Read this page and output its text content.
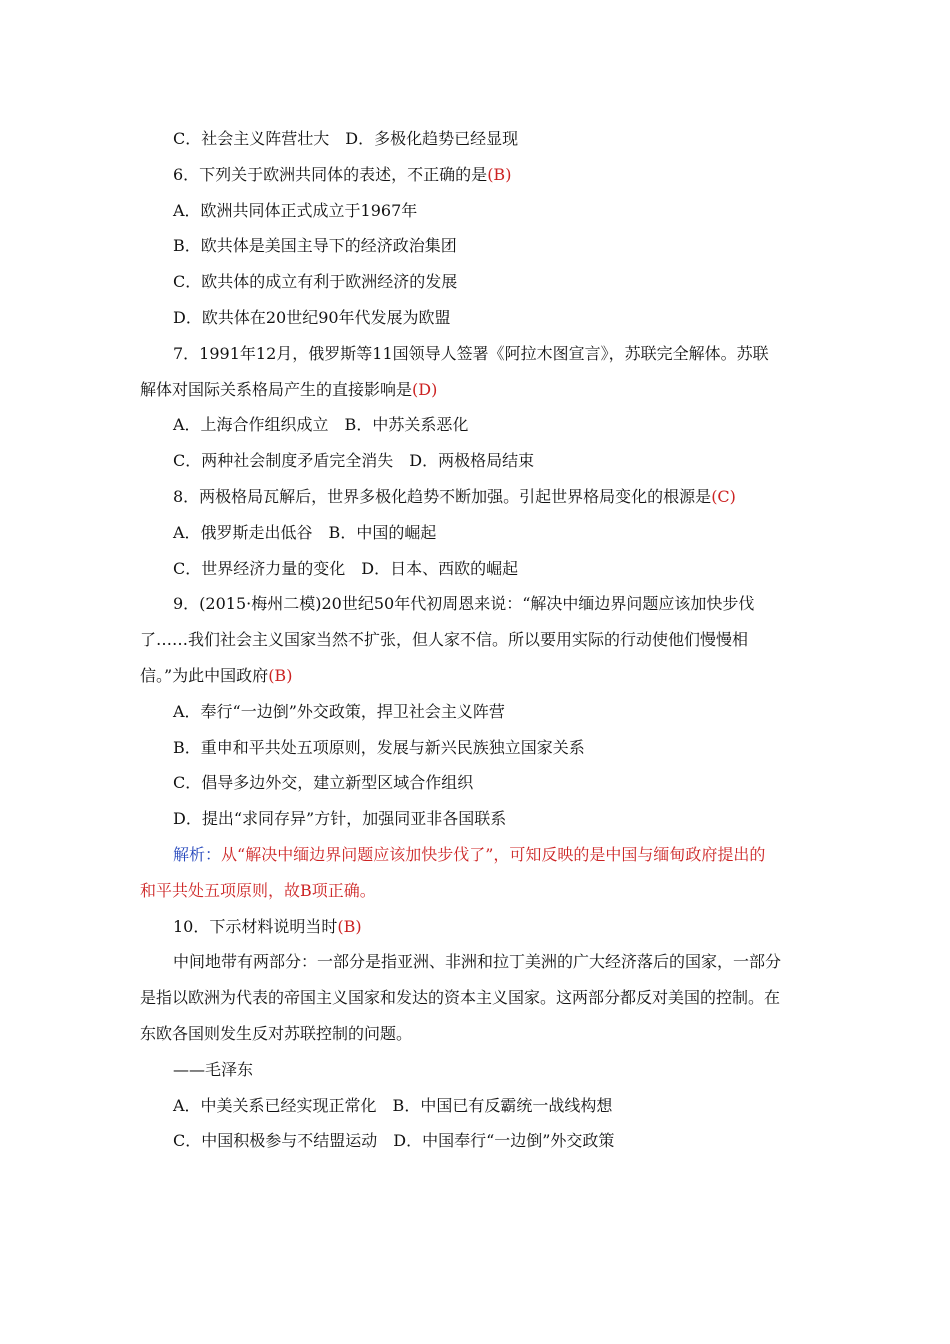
C．社会主义阵营壮大　D．多极化趋势已经显现

6．下列关于欧洲共同体的表述，不正确的是(B)

A．欧洲共同体正式成立于1967年

B．欧共体是美国主导下的经济政治集团

C．欧共体的成立有利于欧洲经济的发展

D．欧共体在20世纪90年代发展为欧盟

7．1991年12月，俄罗斯等11国领导人签署《阿拉木图宣言》，苏联完全解体。苏联

解体对国际关系格局产生的直接影响是(D)

A．上海合作组织成立　B．中苏关系恶化

C．两种社会制度矛盾完全消失　D．两极格局结束

8．两极格局瓦解后，世界多极化趋势不断加强。引起世界格局变化的根源是(C)

A．俄罗斯走出低谷　B．中国的崛起

C．世界经济力量的变化　D．日本、西欧的崛起

9．(2015·梅州二模)20世纪50年代初周恩来说：“解决中缅边界问题应该加快步伐

了……我们社会主义国家当然不扩张，但人家不信。所以要用实际的行动使他们慢慢相

信。”为此中国政府(B)

A．奉行“一边倒”外交政策，捍卫社会主义阵营

B．重申和平共处五项原则，发展与新兴民族独立国家关系

C．倡导多边外交，建立新型区域合作组织

D．提出“求同存异”方针，加强同亚非各国联系

解析：从“解决中缅边界问题应该加快步伐了”，可知反映的是中国与缅甸政府提出的

和平共处五项原则，故B项正确。

10．下示材料说明当时(B)

中间地带有两部分：一部分是指亚洲、非洲和拉丁美洲的广大经济落后的国家，一部分

是指以欧洲为代表的帝国主义国家和发达的资本主义国家。这两部分都反对美国的控制。在

东欧各国则发生反对苏联控制的问题。

——毛泽东

A．中美关系已经实现正常化　B．中国已有反霸统一战线构想

C．中国积极参与不结盟运动　D．中国奉行“一边倒”外交政策
